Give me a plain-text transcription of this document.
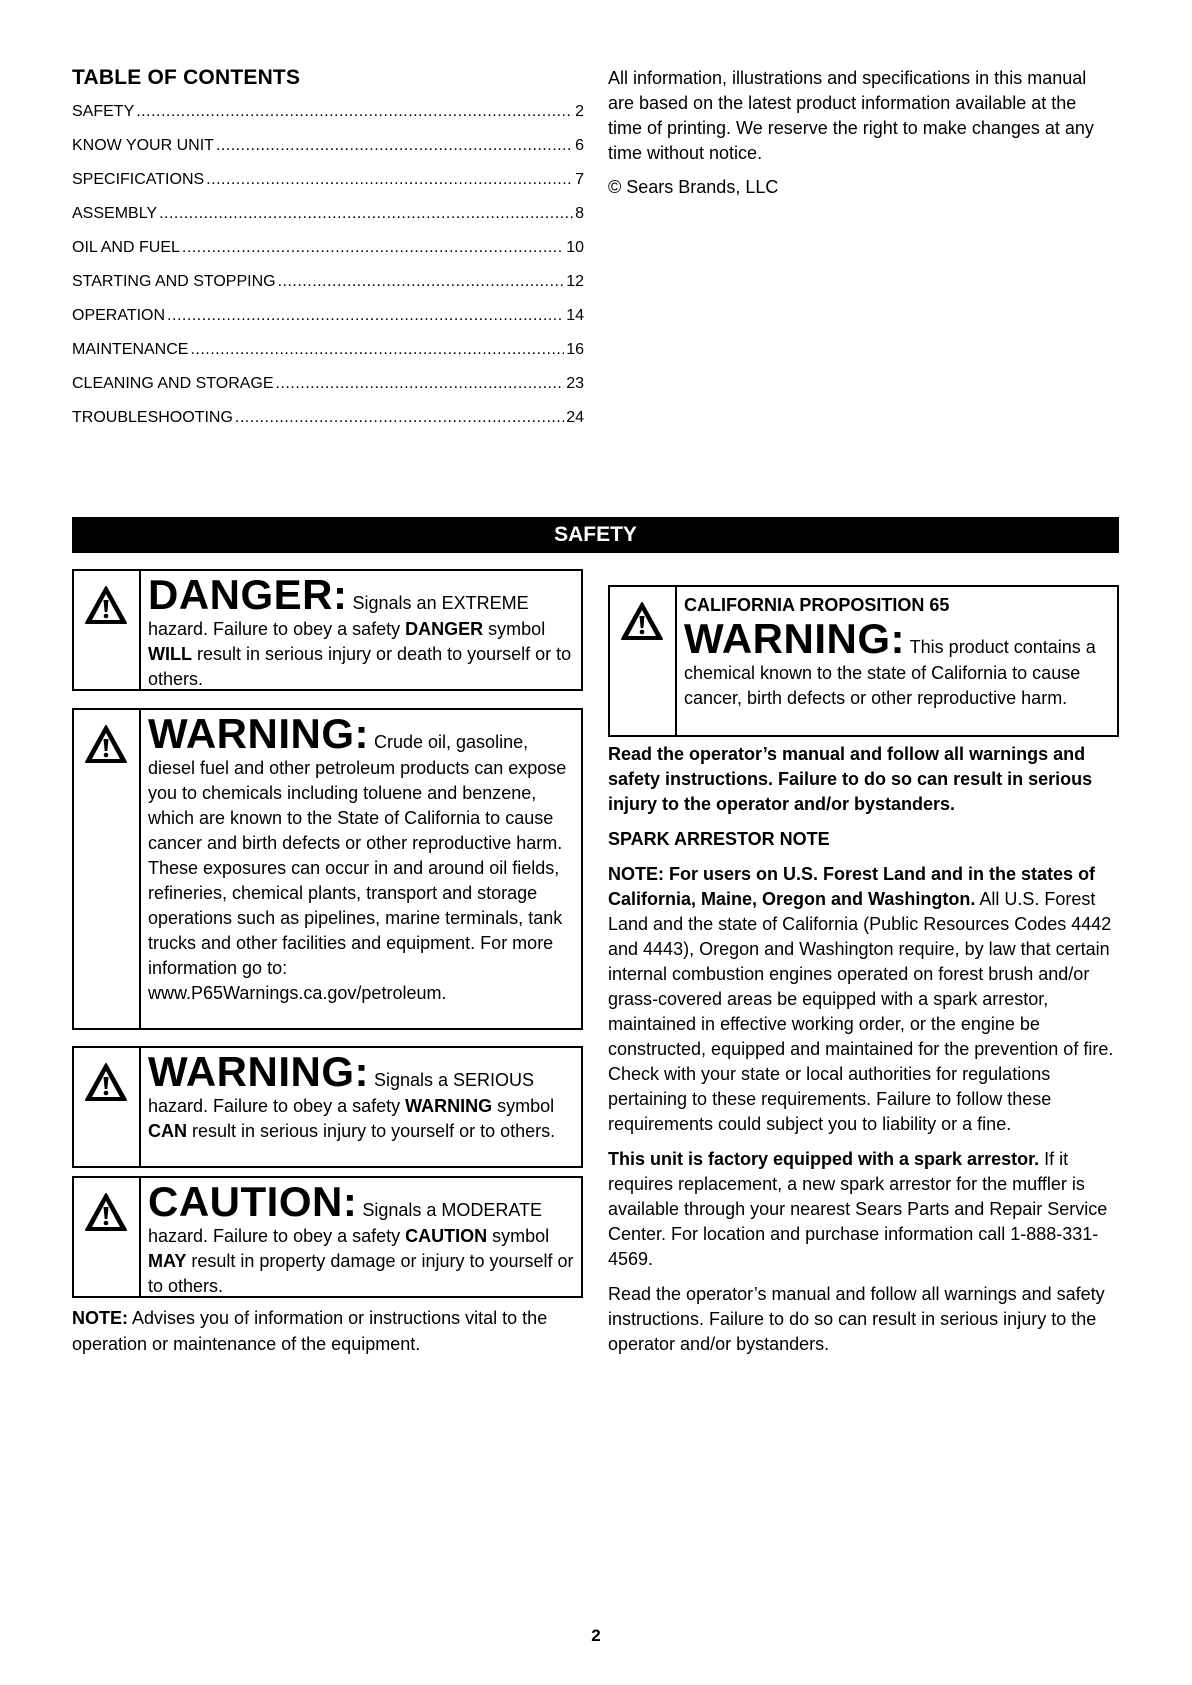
TABLE OF CONTENTS
SAFETY .....	2
KNOW YOUR UNIT .....	6
SPECIFICATIONS .....	7
ASSEMBLY .....	8
OIL AND FUEL .....	10
STARTING AND STOPPING .....	12
OPERATION .....	14
MAINTENANCE .....	16
CLEANING AND STORAGE .....	23
TROUBLESHOOTING .....	24

All information, illustrations and specifications in this manual are based on the latest product information available at the time of printing. We reserve the right to make changes at any time without notice.

© Sears Brands, LLC

SAFETY
DANGER: Signals an EXTREME hazard. Failure to obey a safety DANGER symbol WILL result in serious injury or death to yourself or to others.
WARNING: Crude oil, gasoline, diesel fuel and other petroleum products can expose you to chemicals including toluene and benzene, which are known to the State of California to cause cancer and birth defects or other reproductive harm. These exposures can occur in and around oil fields, refineries, chemical plants, transport and storage operations such as pipelines, marine terminals, tank trucks and other facilities and equipment. For more information go to: www.P65Warnings.ca.gov/petroleum.
WARNING: Signals a SERIOUS hazard. Failure to obey a safety WARNING symbol CAN result in serious injury to yourself or to others.
CAUTION: Signals a MODERATE hazard. Failure to obey a safety CAUTION symbol MAY result in property damage or injury to yourself or to others.
NOTE: Advises you of information or instructions vital to the operation or maintenance of the equipment.
CALIFORNIA PROPOSITION 65
WARNING: This product contains a chemical known to the state of California to cause cancer, birth defects or other reproductive harm.

Read the operator’s manual and follow all warnings and safety instructions. Failure to do so can result in serious injury to the operator and/or bystanders.

SPARK ARRESTOR NOTE

NOTE: For users on U.S. Forest Land and in the states of California, Maine, Oregon and Washington. All U.S. Forest Land and the state of California (Public Resources Codes 4442 and 4443), Oregon and Washington require, by law that certain internal combustion engines operated on forest brush and/or grass-covered areas be equipped with a spark arrestor, maintained in effective working order, or the engine be constructed, equipped and maintained for the prevention of fire. Check with your state or local authorities for regulations pertaining to these requirements. Failure to follow these requirements could subject you to liability or a fine.

This unit is factory equipped with a spark arrestor. If it requires replacement, a new spark arrestor for the muffler is available through your nearest Sears Parts and Repair Service Center. For location and purchase information call 1-888-331-4569.

Read the operator’s manual and follow all warnings and safety instructions. Failure to do so can result in serious injury to the operator and/or bystanders.

2
